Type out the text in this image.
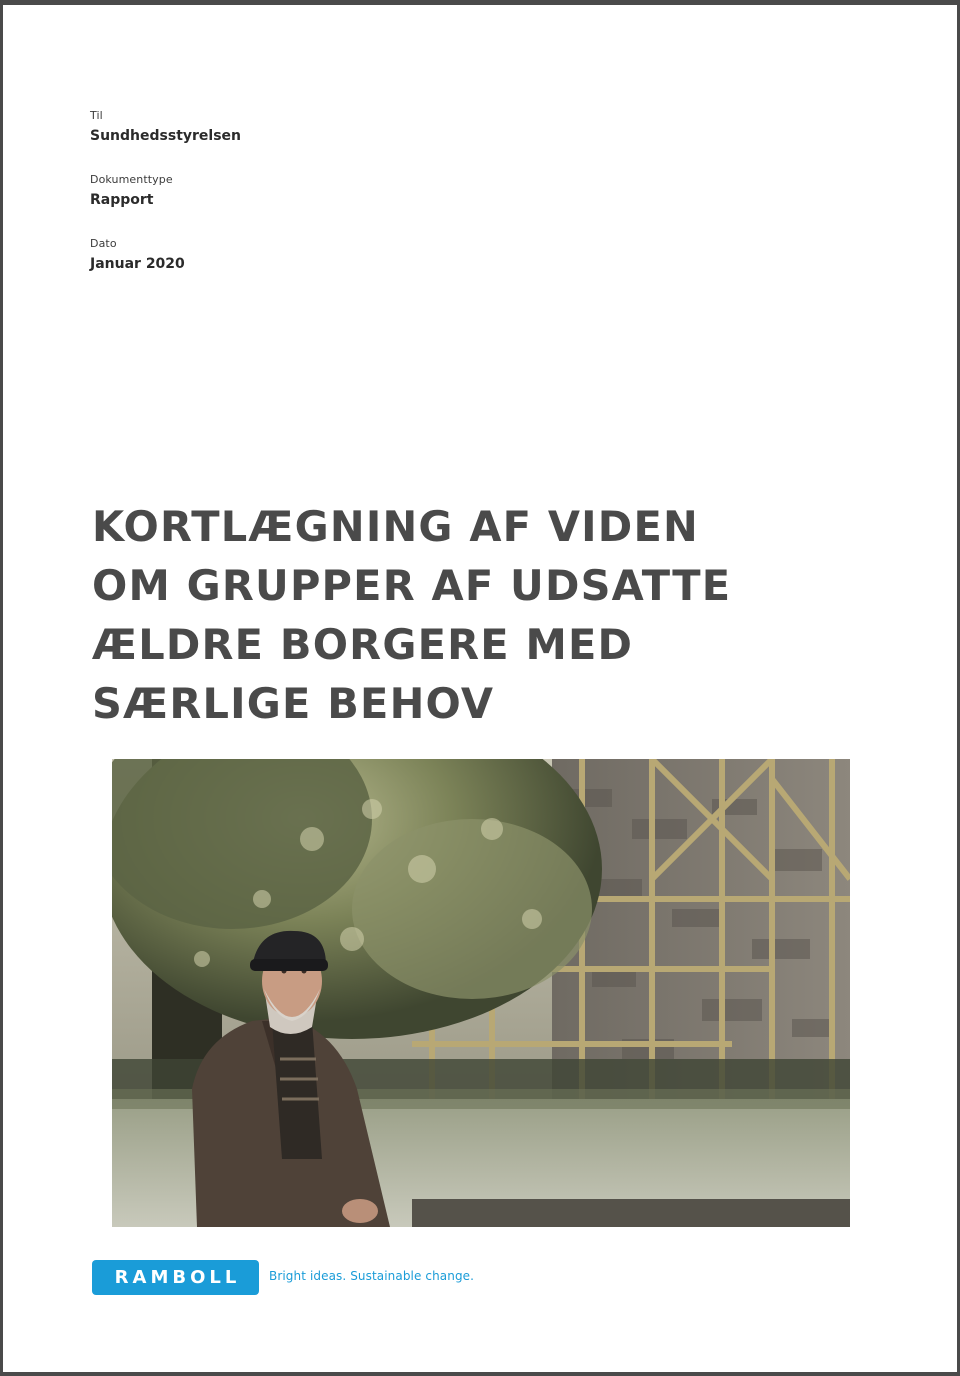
Til
Sundhedsstyrelsen
Dokumenttype
Rapport
Dato
Januar 2020
KORTLÆGNING AF VIDEN
OM GRUPPER AF UDSATTE
ÆLDRE BORGERE MED
SÆRLIGE BEHOV
RAMBOLL Bright ideas. Sustainable change.
